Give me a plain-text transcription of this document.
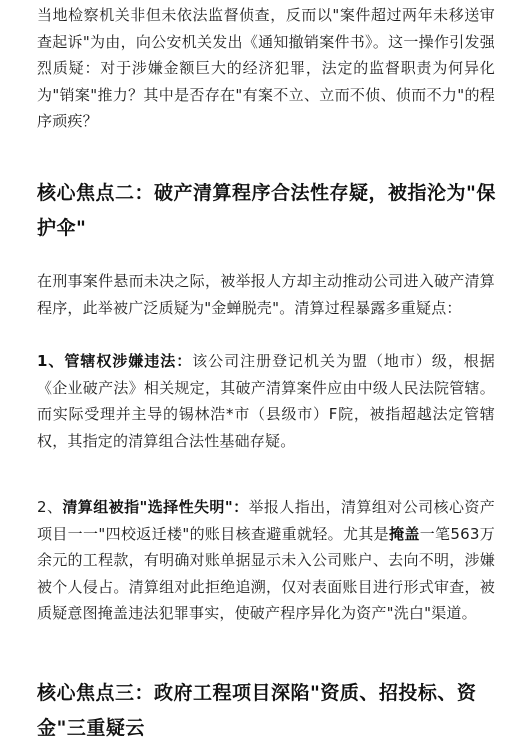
当地检察机关非但未依法监督侦查，反而以"案件超过两年未移送审查起诉"为由，向公安机关发出《通知撤销案件书》。这一操作引发强烈质疑：对于涉嫌金额巨大的经济犯罪，法定的监督职责为何异化为"销案"推力？其中是否存在"有案不立、立而不侦、侦而不力"的程序顽疾？

核心焦点二：破产清算程序合法性存疑，被指沦为"保护伞"

在刑事案件悬而未决之际，被举报人方却主动推动公司进入破产清算程序，此举被广泛质疑为"金蝉脱壳"。清算过程暴露多重疑点：

1、管辖权涉嫌违法：该公司注册登记机关为盟（地市）级，根据《企业破产法》相关规定，其破产清算案件应由中级人民法院管辖。而实际受理并主导的锡林浩*市（县级市）F院，被指超越法定管辖权，其指定的清算组合法性基础存疑。

2、清算组被指"选择性失明"：举报人指出，清算组对公司核心资产项目一一"四校返迁楼"的账目核查避重就轻。尤其是掩盖一笔563万余元的工程款，有明确对账单据显示未入公司账户、去向不明，涉嫌被个人侵占。清算组对此拒绝追溯，仅对表面账目进行形式审查，被质疑意图掩盖违法犯罪事实，使破产程序异化为资产"洗白"渠道。

核心焦点三：政府工程项目深陷"资质、招投标、资金"三重疑云
